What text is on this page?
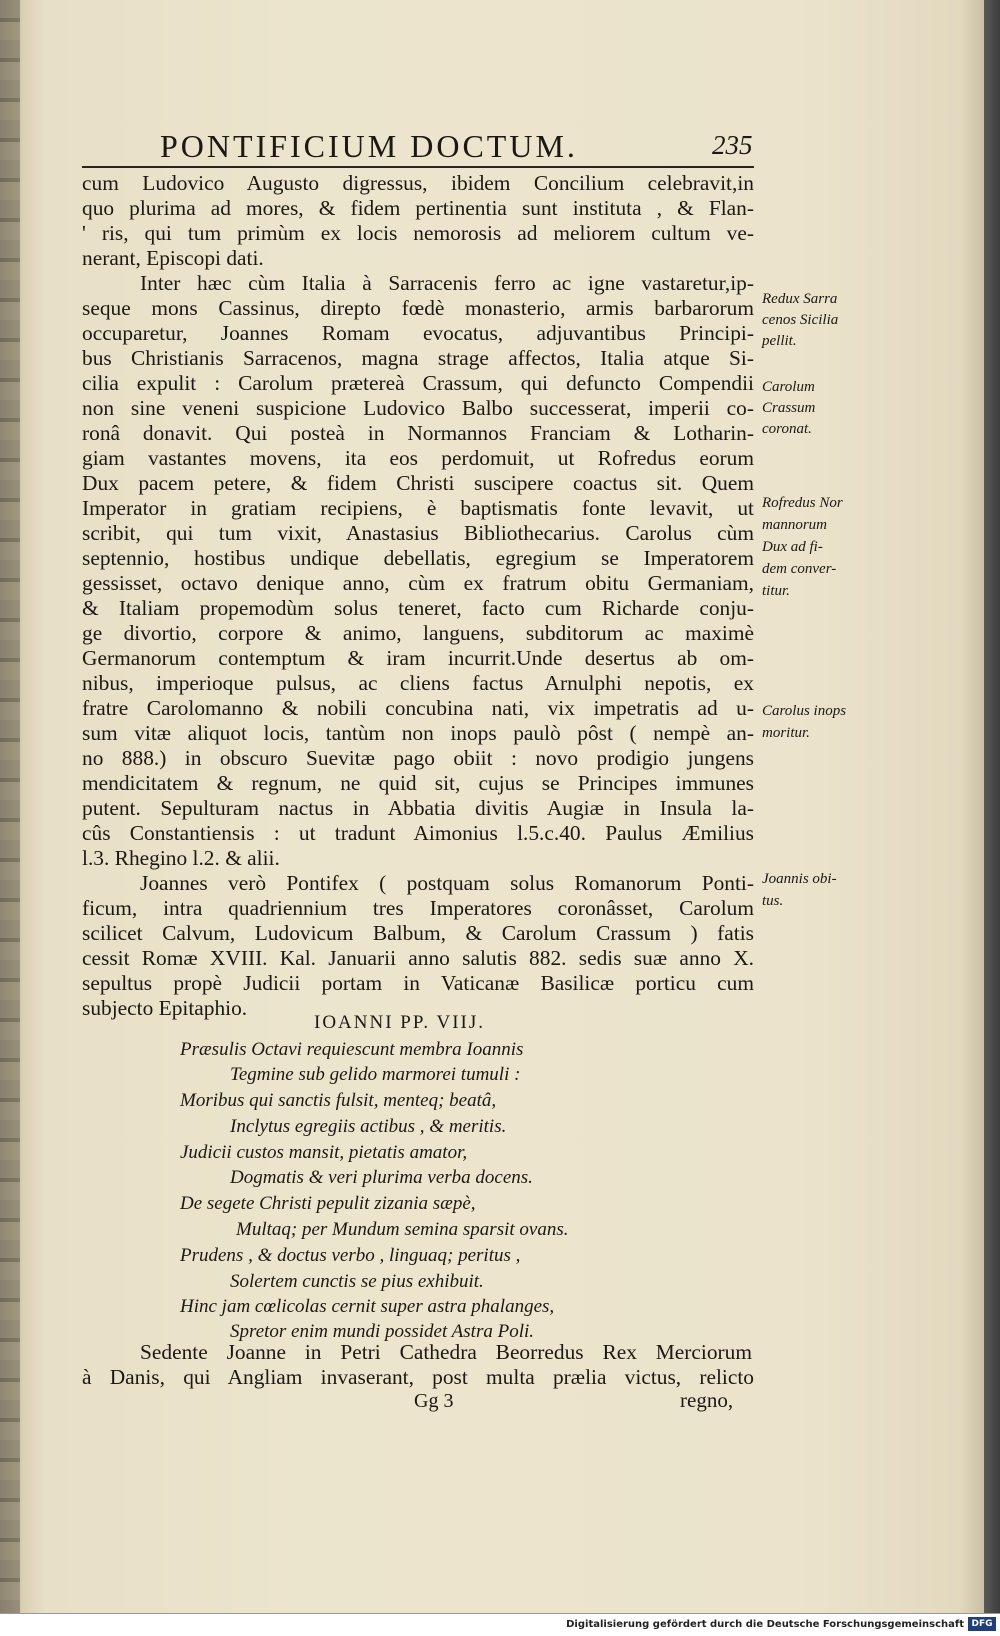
PONTIFICIUM DOCTUM.	235
cum Ludovico Augusto digressus, ibidem Concilium celebravit,in
quo plurima ad mores, & fidem pertinentia sunt instituta , & Flan-
' ris, qui tum primùm ex locis nemorosis ad meliorem cultum ve-
nerant, Episcopi dati.
Inter hæc cùm Italia à Sarracenis ferro ac igne vastaretur,ip-
seque mons Cassinus, direpto fœdè monasterio, armis barbarorum
occuparetur, Joannes Romam evocatus, adjuvantibus Principi-
bus Christianis Sarracenos, magna strage affectos, Italia atque Si-
cilia expulit : Carolum prætereà Crassum, qui defuncto Compendii
non sine veneni suspicione Ludovico Balbo successerat, imperii co-
ronâ donavit. Qui posteà in Normannos Franciam & Lotharin-
giam vastantes movens, ita eos perdomuit, ut Rofredus eorum
Dux pacem petere, & fidem Christi suscipere coactus sit. Quem
Imperator in gratiam recipiens, è baptismatis fonte levavit, ut
scribit, qui tum vixit, Anastasius Bibliothecarius. Carolus cùm
septennio, hostibus undique debellatis, egregium se Imperatorem
gessisset, octavo denique anno, cùm ex fratrum obitu Germaniam,
& Italiam propemodùm solus teneret, facto cum Richarde conju-
ge divortio, corpore & animo, languens, subditorum ac maximè
Germanorum contemptum & iram incurrit.Unde desertus ab om-
nibus, imperioque pulsus, ac cliens factus Arnulphi nepotis, ex
fratre Carolomanno & nobili concubina nati, vix impetratis ad u-
sum vitæ aliquot locis, tantùm non inops paulò pôst ( nempè an-
no 888.) in obscuro Suevitæ pago obiit : novo prodigio jungens
mendicitatem & regnum, ne quid sit, cujus se Principes immunes
putent. Sepulturam nactus in Abbatia divitis Augiæ in Insula la-
cûs Constantiensis : ut tradunt Aimonius l.5.c.40. Paulus Æmilius
l.3. Rhegino l.2. & alii.
Joannes verò Pontifex ( postquam solus Romanorum Ponti-
ficum, intra quadriennium tres Imperatores coronâsset, Carolum
scilicet Calvum, Ludovicum Balbum, & Carolum Crassum ) fatis
cessit Romæ XVIII. Kal. Januarii anno salutis 882. sedis suæ anno X.
sepultus propè Judicii portam in Vaticanæ Basilicæ porticu cum
subjecto Epitaphio.
Redux Sarra
cenos Sicilia
pellit.
Carolum
Crassum
coronat.
Rofredus Nor
mannorum
Dux ad fi-
dem conver-
titur.
Carolus inops
moritur.
Joannis obi-
tus.
IOANNI PP. VIIJ.
Præsulis Octavi requiescunt membra Ioannis
Tegmine sub gelido marmorei tumuli :
Moribus qui sanctis fulsit, menteq; beatâ,
Inclytus egregiis actibus , & meritis.
Judicii custos mansit, pietatis amator,
Dogmatis & veri plurima verba docens.
De segete Christi pepulit zizania sæpè,
Multaq; per Mundum semina sparsit ovans.
Prudens , & doctus verbo , linguaq; peritus ,
Solertem cunctis se pius exhibuit.
Hinc jam cœlicolas cernit super astra phalanges,
Spretor enim mundi possidet Astra Poli.
Sedente Joanne in Petri Cathedra Beorredus Rex Merciorum
à Danis, qui Angliam invaserant, post multa prælia victus, relicto
Gg 3	regno,
Digitalisierung gefördert durch die Deutsche Forschungsgemeinschaft DFG
